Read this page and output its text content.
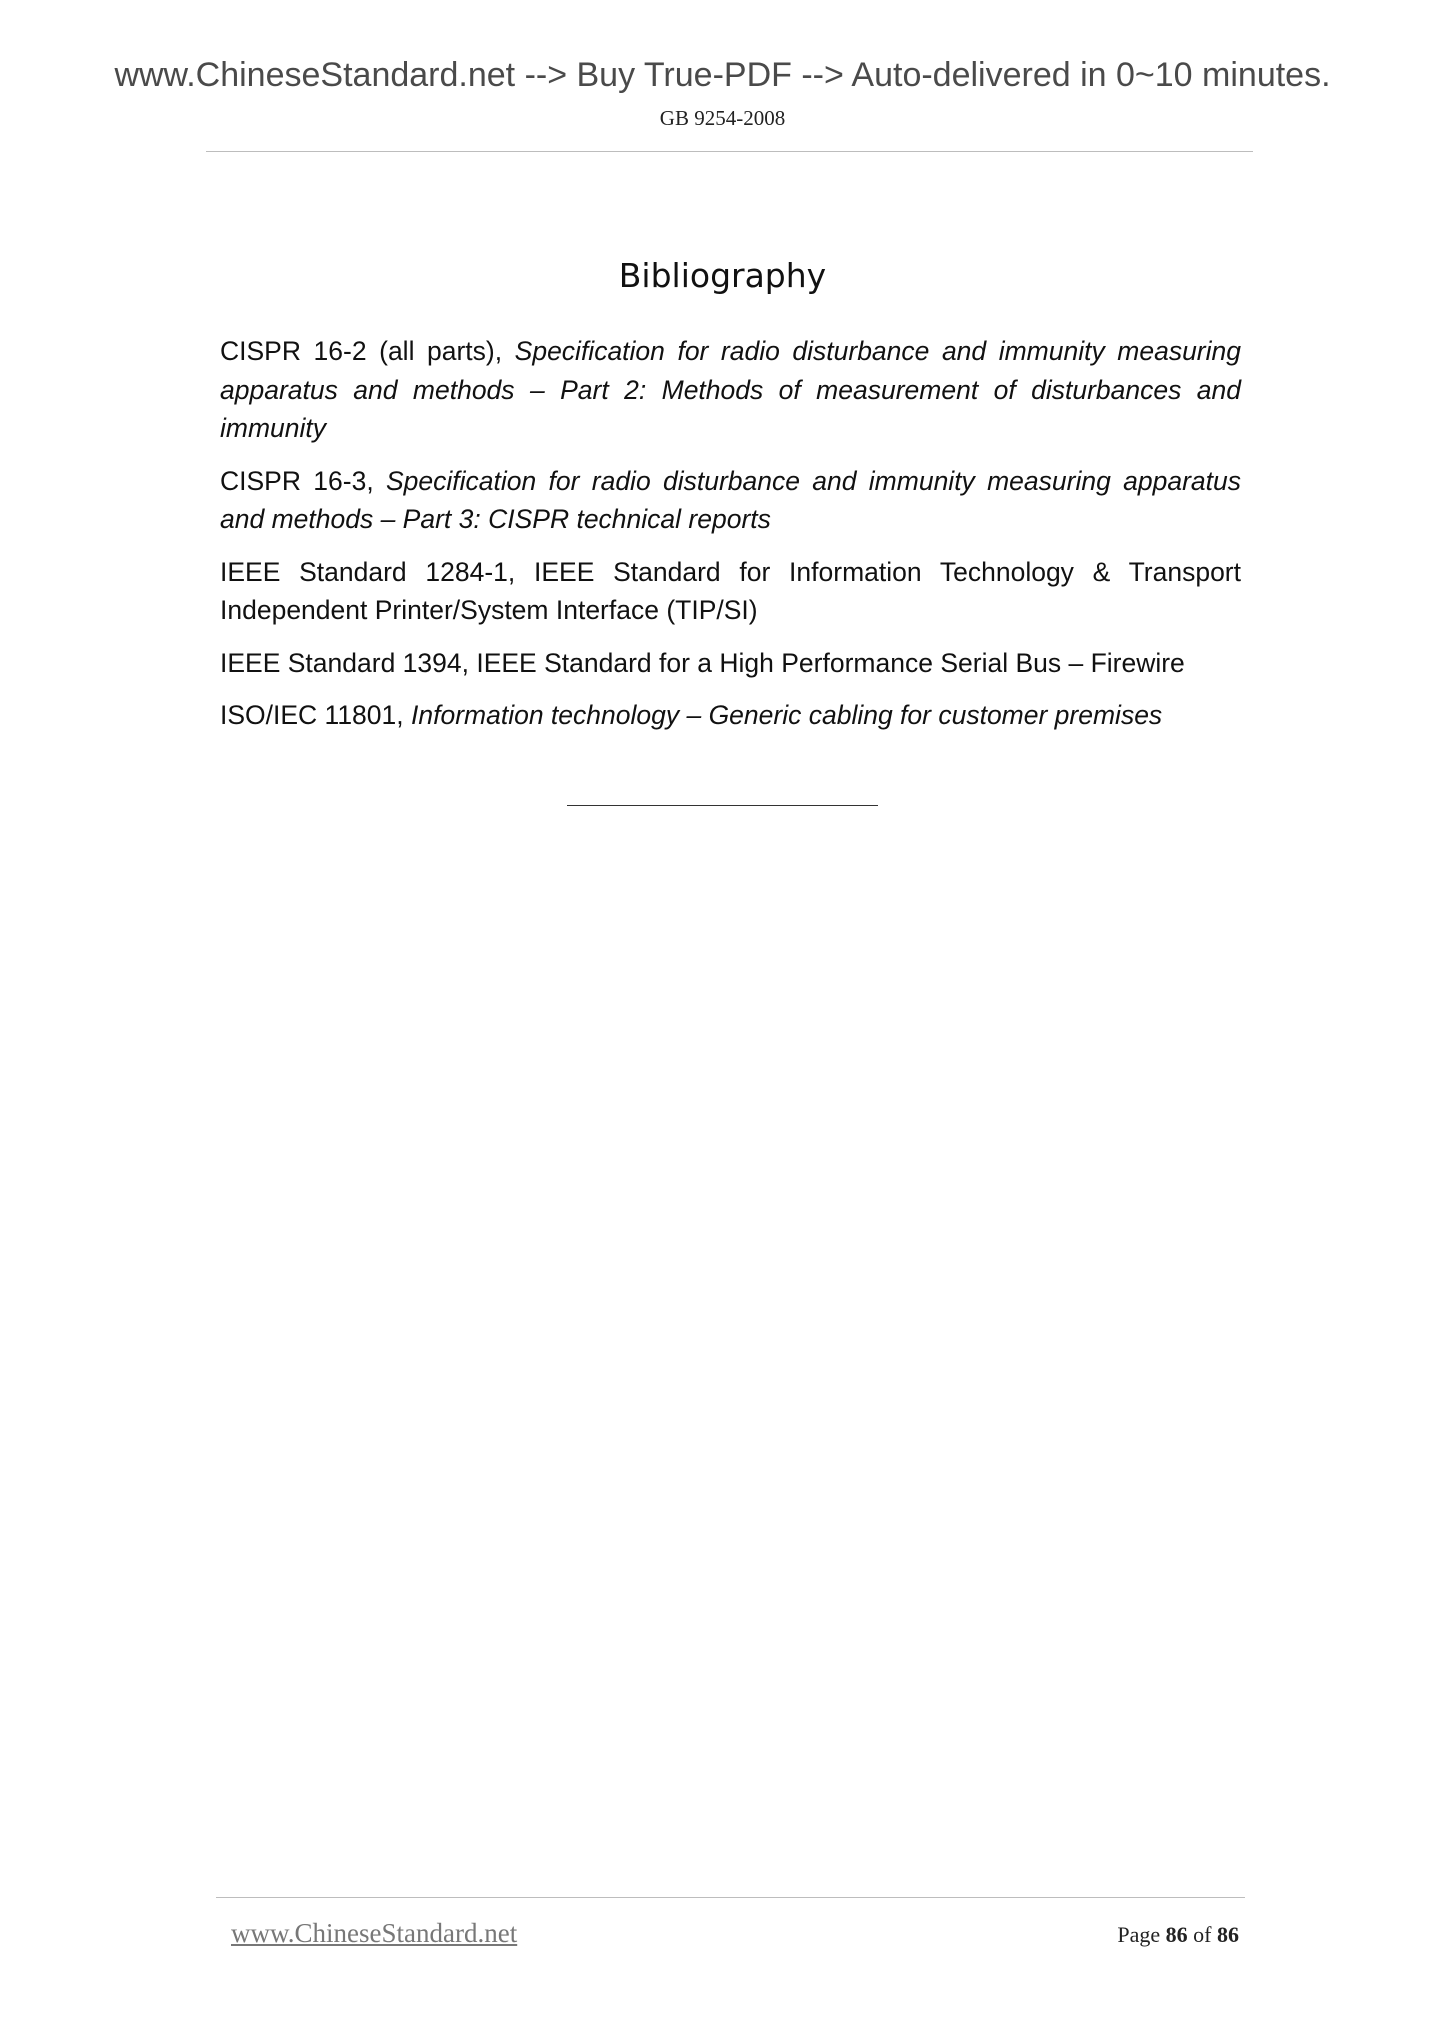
www.ChineseStandard.net --> Buy True-PDF --> Auto-delivered in 0~10 minutes.
GB 9254-2008
Bibliography

CISPR 16-2 (all parts), Specification for radio disturbance and immunity measuring apparatus and methods – Part 2: Methods of measurement of disturbances and immunity

CISPR 16-3, Specification for radio disturbance and immunity measuring apparatus and methods – Part 3: CISPR technical reports

IEEE Standard 1284-1, IEEE Standard for Information Technology & Transport Independent Printer/System Interface (TIP/SI)

IEEE Standard 1394, IEEE Standard for a High Performance Serial Bus – Firewire

ISO/IEC 11801, Information technology – Generic cabling for customer premises

www.ChineseStandard.net	Page 86 of 86
